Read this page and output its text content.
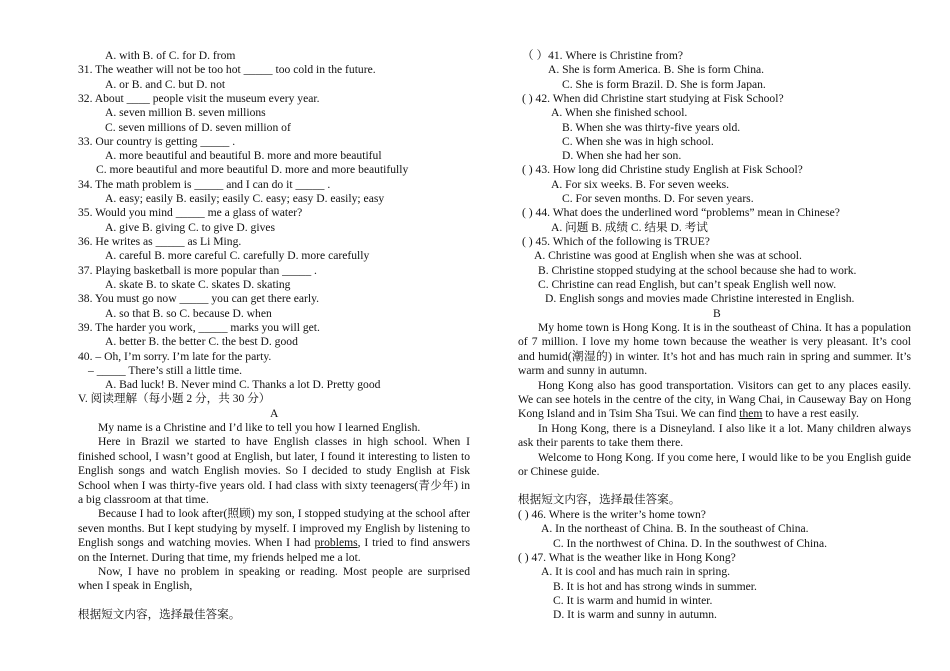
A. with B. of C. for D. from
31. The weather will not be too hot _____ too cold in the future.
A. or B. and C. but D. not
32. About ____ people visit the museum every year.
A. seven million B. seven millions
C. seven millions of D. seven million of
33. Our country is getting _____ .
A. more beautiful and beautiful B. more and more beautiful
C. more beautiful and more beautiful D. more and more beautifully
34. The math problem is _____ and I can do it _____ .
A. easy; easily B. easily; easily C. easy; easy D. easily; easy
35. Would you mind _____ me a glass of water?
A. give B. giving C. to give D. gives
36. He writes as _____ as Li Ming.
A. careful B. more careful C. carefully D. more carefully
37. Playing basketball is more popular than _____ .
A. skate B. to skate C. skates D. skating
38. You must go now _____ you can get there early.
A. so that B. so C. because D. when
39. The harder you work, _____ marks you will get.
A. better B. the better C. the best D. good
40. – Oh, I’m sorry. I’m late for the party.
– _____ There’s still a little time.
A. Bad luck! B. Never mind C. Thanks a lot D. Pretty good
V. 阅读理解（每小题 2 分，共 30 分）
A

My name is a Christine and I’d like to tell you how I learned English.

Here in Brazil we started to have English classes in high school. When I finished school, I wasn’t good at English, but later, I found it interesting to listen to English songs and watch English movies. So I decided to study English at Fisk School when I was thirty-five years old. I had class with sixty teenagers(青少年) in a big classroom at that time.

Because I had to look after(照顾) my son, I stopped studying at the school after seven months. But I kept studying by myself. I improved my English by listening to English songs and watching movies. When I had problems, I tried to find answers on the Internet. During that time, my friends helped me a lot.

Now, I have no problem in speaking or reading. Most people are surprised when I speak in English,

根据短文内容，选择最佳答案。
（ ）41. Where is Christine from?
A. She is form America. B. She is form China.
C. She is form Brazil. D. She is form Japan.
( ) 42. When did Christine start studying at Fisk School?
A. When she finished school.
B. When she was thirty-five years old.
C. When she was in high school.
D. When she had her son.
( ) 43. How long did Christine study English at Fisk School?
A. For six weeks. B. For seven weeks.
C. For seven months. D. For seven years.
( ) 44. What does the underlined word “problems” mean in Chinese?
A. 问题 B. 成绩 C. 结果 D. 考试
( ) 45. Which of the following is TRUE?
A. Christine was good at English when she was at school.
B. Christine stopped studying at the school because she had to work.
C. Christine can read English, but can’t speak English well now.
D. English songs and movies made Christine interested in English.
B

My home town is Hong Kong. It is in the southeast of China. It has a population of 7 million. I love my home town because the weather is very pleasant. It’s cool and humid(潮湿的) in winter. It’s hot and has much rain in spring and summer. It’s warm and sunny in autumn.

Hong Kong also has good transportation. Visitors can get to any places easily. We can see hotels in the centre of the city, in Wang Chai, in Causeway Bay on Hong Kong Island and in Tsim Sha Tsui. We can find them to have a rest easily.

In Hong Kong, there is a Disneyland. I also like it a lot. Many children always ask their parents to take them there.

Welcome to Hong Kong. If you come here, I would like to be you English guide or Chinese guide.

根据短文内容，选择最佳答案。
( ) 46. Where is the writer’s home town?
A. In the northeast of China. B. In the southeast of China.
C. In the northwest of China. D. In the southwest of China.
( ) 47. What is the weather like in Hong Kong?
A. It is cool and has much rain in spring.
B. It is hot and has strong winds in summer.
C. It is warm and humid in winter.
D. It is warm and sunny in autumn.
